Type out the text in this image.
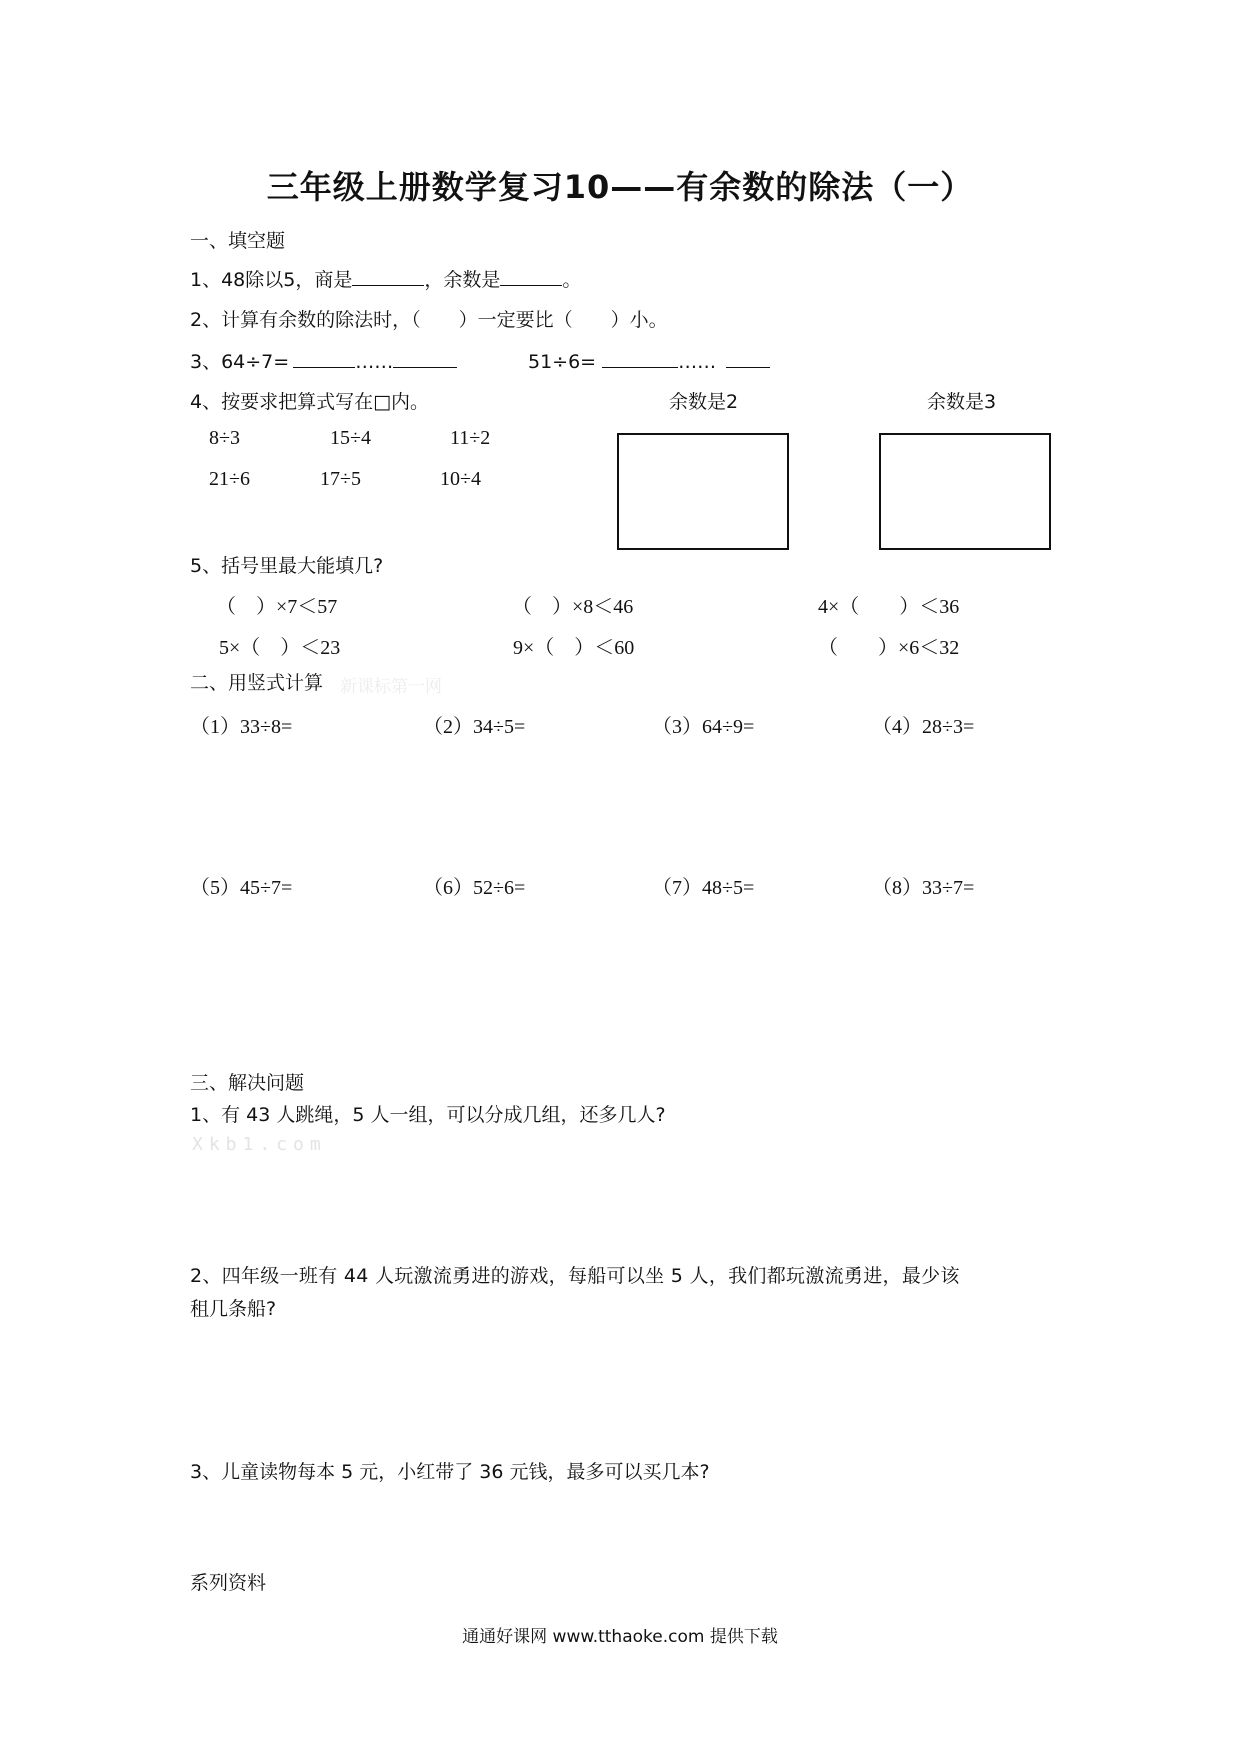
三年级上册数学复习10——有余数的除法（一）
一、填空题
1、48除以5，商是	，余数是	。
2、计算有余数的除法时，（　　）一定要比（　　）小。
3、64÷7=	……	51÷6=	……
4、按要求把算式写在□内。	余数是2	余数是3
8÷3	15÷4	11÷2
21÷6	17÷5	10÷4
5、括号里最大能填几?
（　）×7＜57	（　）×8＜46	4×（　　）＜36
5×（　）＜23	9×（　）＜60	（　　）×6＜32
二、用竖式计算 新课标第一网
（1）33÷8=	（2）34÷5=	（3）64÷9=	（4）28÷3=
（5）45÷7=	（6）52÷6=	（7）48÷5=	（8）33÷7=
三、解决问题
1、有 43 人跳绳，5 人一组，可以分成几组，还多几人?
Xkb1.com
2、四年级一班有 44 人玩激流勇进的游戏，每船可以坐 5 人，我们都玩激流勇进，最少该
租几条船?
3、儿童读物每本 5 元，小红带了 36 元钱，最多可以买几本?
系列资料
通通好课网 www.tthaoke.com 提供下载
